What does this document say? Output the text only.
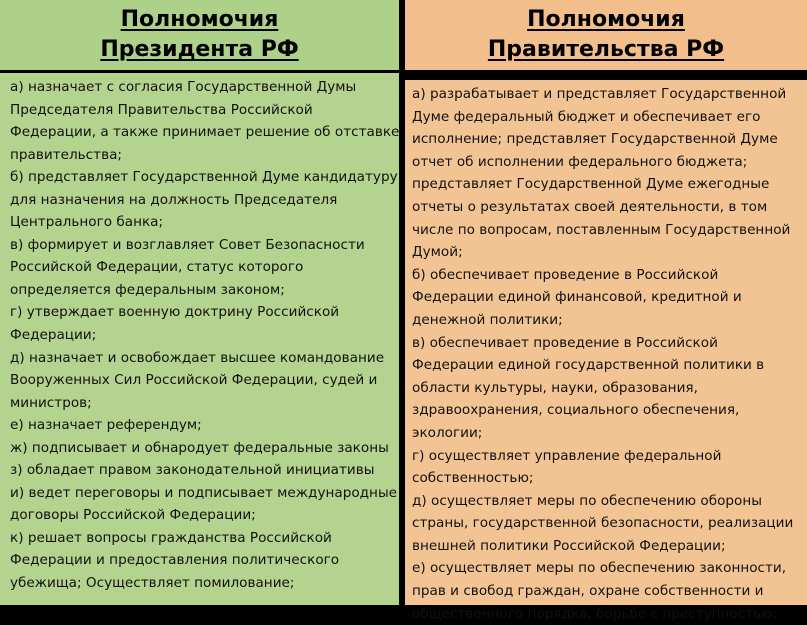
Полномочия
Президента РФ
а) назначает с согласия Государственной Думы
Председателя Правительства Российской
Федерации, а также принимает решение об отставке
правительства;
б) представляет Государственной Думе кандидатуру
для назначения на должность Председателя
Центрального банка;
в) формирует и возглавляет Совет Безопасности
Российской Федерации, статус которого
определяется федеральным законом;
г) утверждает военную доктрину Российской
Федерации;
д) назначает и освобождает высшее командование
Вооруженных Сил Российской Федерации, судей и
министров;
е) назначает референдум;
ж) подписывает и обнародует федеральные законы
з) обладает правом законодательной инициативы
и) ведет переговоры и подписывает международные
договоры Российской Федерации;
к) решает вопросы гражданства Российской
Федерации и предоставления политического
убежища; Осуществляет помилование;
Полномочия
Правительства РФ
а) разрабатывает и представляет Государственной
Думе федеральный бюджет и обеспечивает его
исполнение; представляет Государственной Думе
отчет об исполнении федерального бюджета;
представляет Государственной Думе ежегодные
отчеты о результатах своей деятельности, в том
числе по вопросам, поставленным Государственной
Думой;
б) обеспечивает проведение в Российской
Федерации единой финансовой, кредитной и
денежной политики;
в) обеспечивает проведение в Российской
Федерации единой государственной политики в
области культуры, науки, образования,
здравоохранения, социального обеспечения,
экологии;
г) осуществляет управление федеральной
собственностью;
д) осуществляет меры по обеспечению обороны
страны, государственной безопасности, реализации
внешней политики Российской Федерации;
е) осуществляет меры по обеспечению законности,
прав и свобод граждан, охране собственности и
общественного порядка, борьбе с преступностью;
